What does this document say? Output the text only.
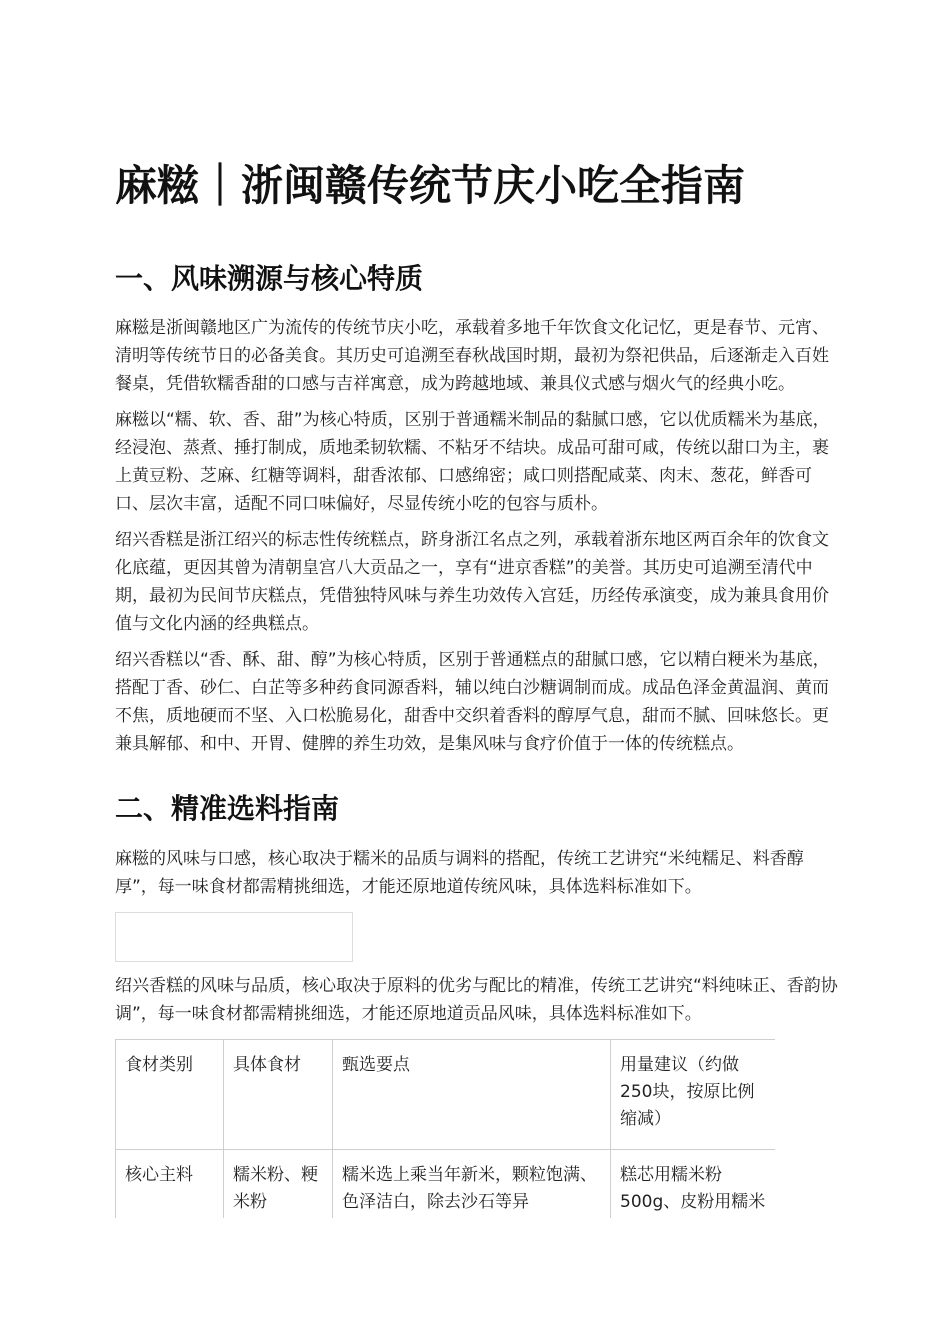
麻糍｜浙闽赣传统节庆小吃全指南
一、风味溯源与核心特质

麻糍是浙闽赣地区广为流传的传统节庆小吃，承载着多地千年饮食文化记忆，更是春节、元宵、清明等传统节日的必备美食。其历史可追溯至春秋战国时期，最初为祭祀供品，后逐渐走入百姓餐桌，凭借软糯香甜的口感与吉祥寓意，成为跨越地域、兼具仪式感与烟火气的经典小吃。

麻糍以“糯、软、香、甜”为核心特质，区别于普通糯米制品的黏腻口感，它以优质糯米为基底，经浸泡、蒸煮、捶打制成，质地柔韧软糯、不粘牙不结块。成品可甜可咸，传统以甜口为主，裹上黄豆粉、芝麻、红糖等调料，甜香浓郁、口感绵密；咸口则搭配咸菜、肉末、葱花，鲜香可口、层次丰富，适配不同口味偏好，尽显传统小吃的包容与质朴。

绍兴香糕是浙江绍兴的标志性传统糕点，跻身浙江名点之列，承载着浙东地区两百余年的饮食文化底蕴，更因其曾为清朝皇宫八大贡品之一，享有“进京香糕”的美誉。其历史可追溯至清代中期，最初为民间节庆糕点，凭借独特风味与养生功效传入宫廷，历经传承演变，成为兼具食用价值与文化内涵的经典糕点。

绍兴香糕以“香、酥、甜、醇”为核心特质，区别于普通糕点的甜腻口感，它以精白粳米为基底，搭配丁香、砂仁、白芷等多种药食同源香料，辅以纯白沙糖调制而成。成品色泽金黄温润、黄而不焦，质地硬而不坚、入口松脆易化，甜香中交织着香料的醇厚气息，甜而不腻、回味悠长。更兼具解郁、和中、开胃、健脾的养生功效，是集风味与食疗价值于一体的传统糕点。

二、精准选料指南

麻糍的风味与口感，核心取决于糯米的品质与调料的搭配，传统工艺讲究“米纯糯足、料香醇厚”，每一味食材都需精挑细选，才能还原地道传统风味，具体选料标准如下。

绍兴香糕的风味与品质，核心取决于原料的优劣与配比的精准，传统工艺讲究“料纯味正、香韵协调”，每一味食材都需精挑细选，才能还原地道贡品风味，具体选料标准如下。

食材类别	具体食材	甄选要点	用量建议（约做250块，按原比例缩减）
核心主料	糯米粉、粳米粉	糯米选上乘当年新米，颗粒饱满、色泽洁白，除去沙石等异	糕芯用糯米粉500g、皮粉用糯米
